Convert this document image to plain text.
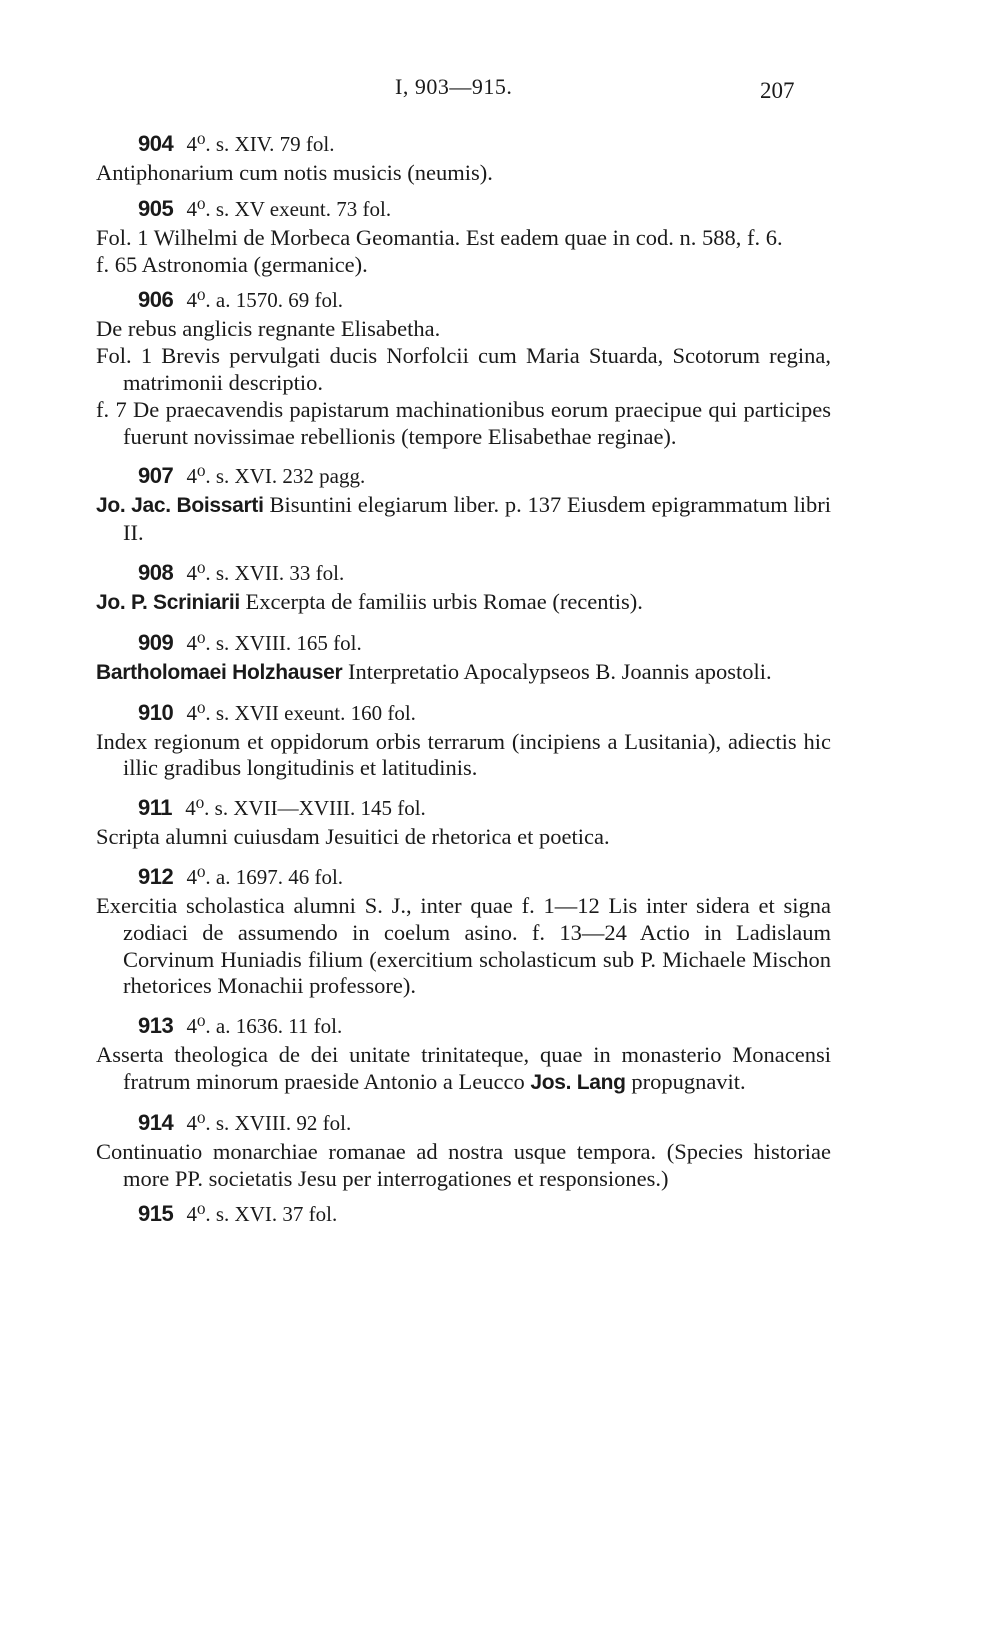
I, 903—915.	207
904 4⁰. s. XIV. 79 fol.
Antiphonarium cum notis musicis (neumis).
905 4⁰. s. XV exeunt. 73 fol.
Fol. 1 Wilhelmi de Morbeca Geomantia. Est eadem quae in cod. n. 588, f. 6.
f. 65 Astronomia (germanice).
906 4⁰. a. 1570. 69 fol.
De rebus anglicis regnante Elisabetha.
Fol. 1 Brevis pervulgati ducis Norfolcii cum Maria Stuarda, Scotorum regina, matrimonii descriptio.
f. 7 De praecavendis papistarum machinationibus eorum praecipue qui participes fuerunt novissimae rebellionis (tempore Elisabethae reginae).
907 4⁰. s. XVI. 232 pagg.
Jo. Jac. Boissarti Bisuntini elegiarum liber. p. 137 Eiusdem epigrammatum libri II.
908 4⁰. s. XVII. 33 fol.
Jo. P. Scriniarii Excerpta de familiis urbis Romae (recentis).
909 4⁰. s. XVIII. 165 fol.
Bartholomaei Holzhauser Interpretatio Apocalypseos B. Joannis apostoli.
910 4⁰. s. XVII exeunt. 160 fol.
Index regionum et oppidorum orbis terrarum (incipiens a Lusitania), adiectis hic illic gradibus longitudinis et latitudinis.
911 4⁰. s. XVII—XVIII. 145 fol.
Scripta alumni cuiusdam Jesuitici de rhetorica et poetica.
912 4⁰. a. 1697. 46 fol.
Exercitia scholastica alumni S. J., inter quae f. 1—12 Lis inter sidera et signa zodiaci de assumendo in coelum asino. f. 13—24 Actio in Ladislaum Corvinum Huniadis filium (exercitium scholasticum sub P. Michaele Mischon rhetorices Monachii professore).
913 4⁰. a. 1636. 11 fol.
Asserta theologica de dei unitate trinitateque, quae in monasterio Monacensi fratrum minorum praeside Antonio a Leucco Jos. Lang propugnavit.
914 4⁰. s. XVIII. 92 fol.
Continuatio monarchiae romanae ad nostra usque tempora. (Species historiae more PP. societatis Jesu per interrogationes et responsiones.)
915 4⁰. s. XVI. 37 fol.
